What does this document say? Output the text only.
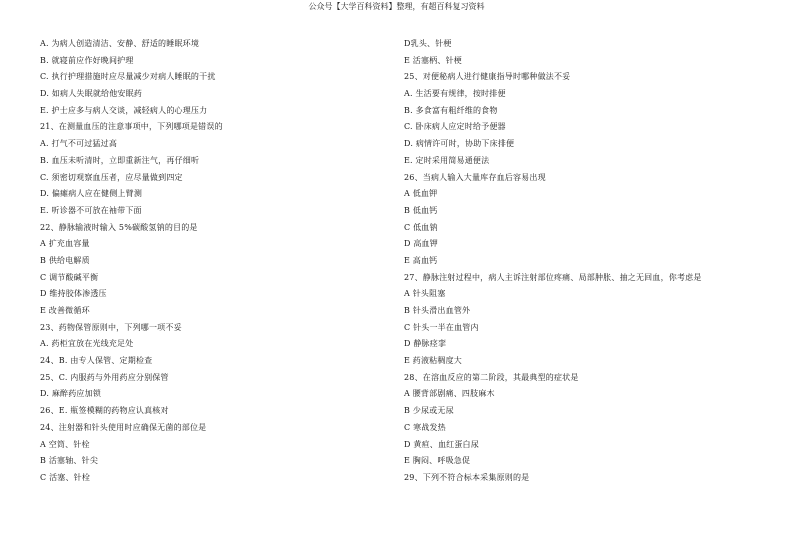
公众号【大学百科资料】整理，有超百科复习资料
A. 为病人创造清洁、安静、舒适的睡眠环境
B. 就寝前应作好晚间护理
C. 执行护理措施时应尽量减少对病人睡眠的干扰
D. 如病人失眠就给他安眠药
E. 护士应多与病人交谈，减轻病人的心理压力
21、在测量血压的注意事项中，下列哪项是错误的
A. 打气不可过猛过高
B. 血压未听清时，立即重新注气，再仔细听
C. 须密切观察血压者，应尽量做到四定
D. 偏瘫病人应在健侧上臂测
E. 听诊器不可放在袖带下面
22、静脉输液时输入 5%碳酸氢钠的目的是
A 扩充血容量
B 供给电解质
C 调节酸碱平衡
D 维持胶体渗透压
E 改善微循环
23、药物保管原则中，下列哪一项不妥
A. 药柜宜放在光线充足处
24、B. 由专人保管、定期检查
25、C. 内服药与外用药应分别保管
D. 麻醉药应加锁
26、E. 瓶签模糊的药物应认真核对
24、注射器和针头使用时应确保无菌的部位是
A 空筒、针栓
B 活塞轴、针尖
C 活塞、针栓
D乳头、针梗
E 活塞柄、针梗
25、对便秘病人进行健康指导时哪种做法不妥
A. 生活要有规律，按时排便
B. 多食富有粗纤维的食物
C. 卧床病人应定时给予便器
D. 病情许可时，协助下床排便
E. 定时采用简易通便法
26、当病人输入大量库存血后容易出现
A 低血钾
B 低血钙
C 低血钠
D 高血钾
E 高血钙
27、静脉注射过程中，病人主诉注射部位疼痛、局部肿胀、抽之无回血，你考虑是
A 针头阻塞
B 针头滑出血管外
C 针头一半在血管内
D 静脉痉挛
E 药液粘稠度大
28、在溶血反应的第二阶段，其最典型的症状是
A 腰背部剧痛、四肢麻木
B 少尿或无尿
C 寒战发热
D 黄疸、血红蛋白尿
E 胸闷、呼吸急促
29、下列不符合标本采集原则的是
